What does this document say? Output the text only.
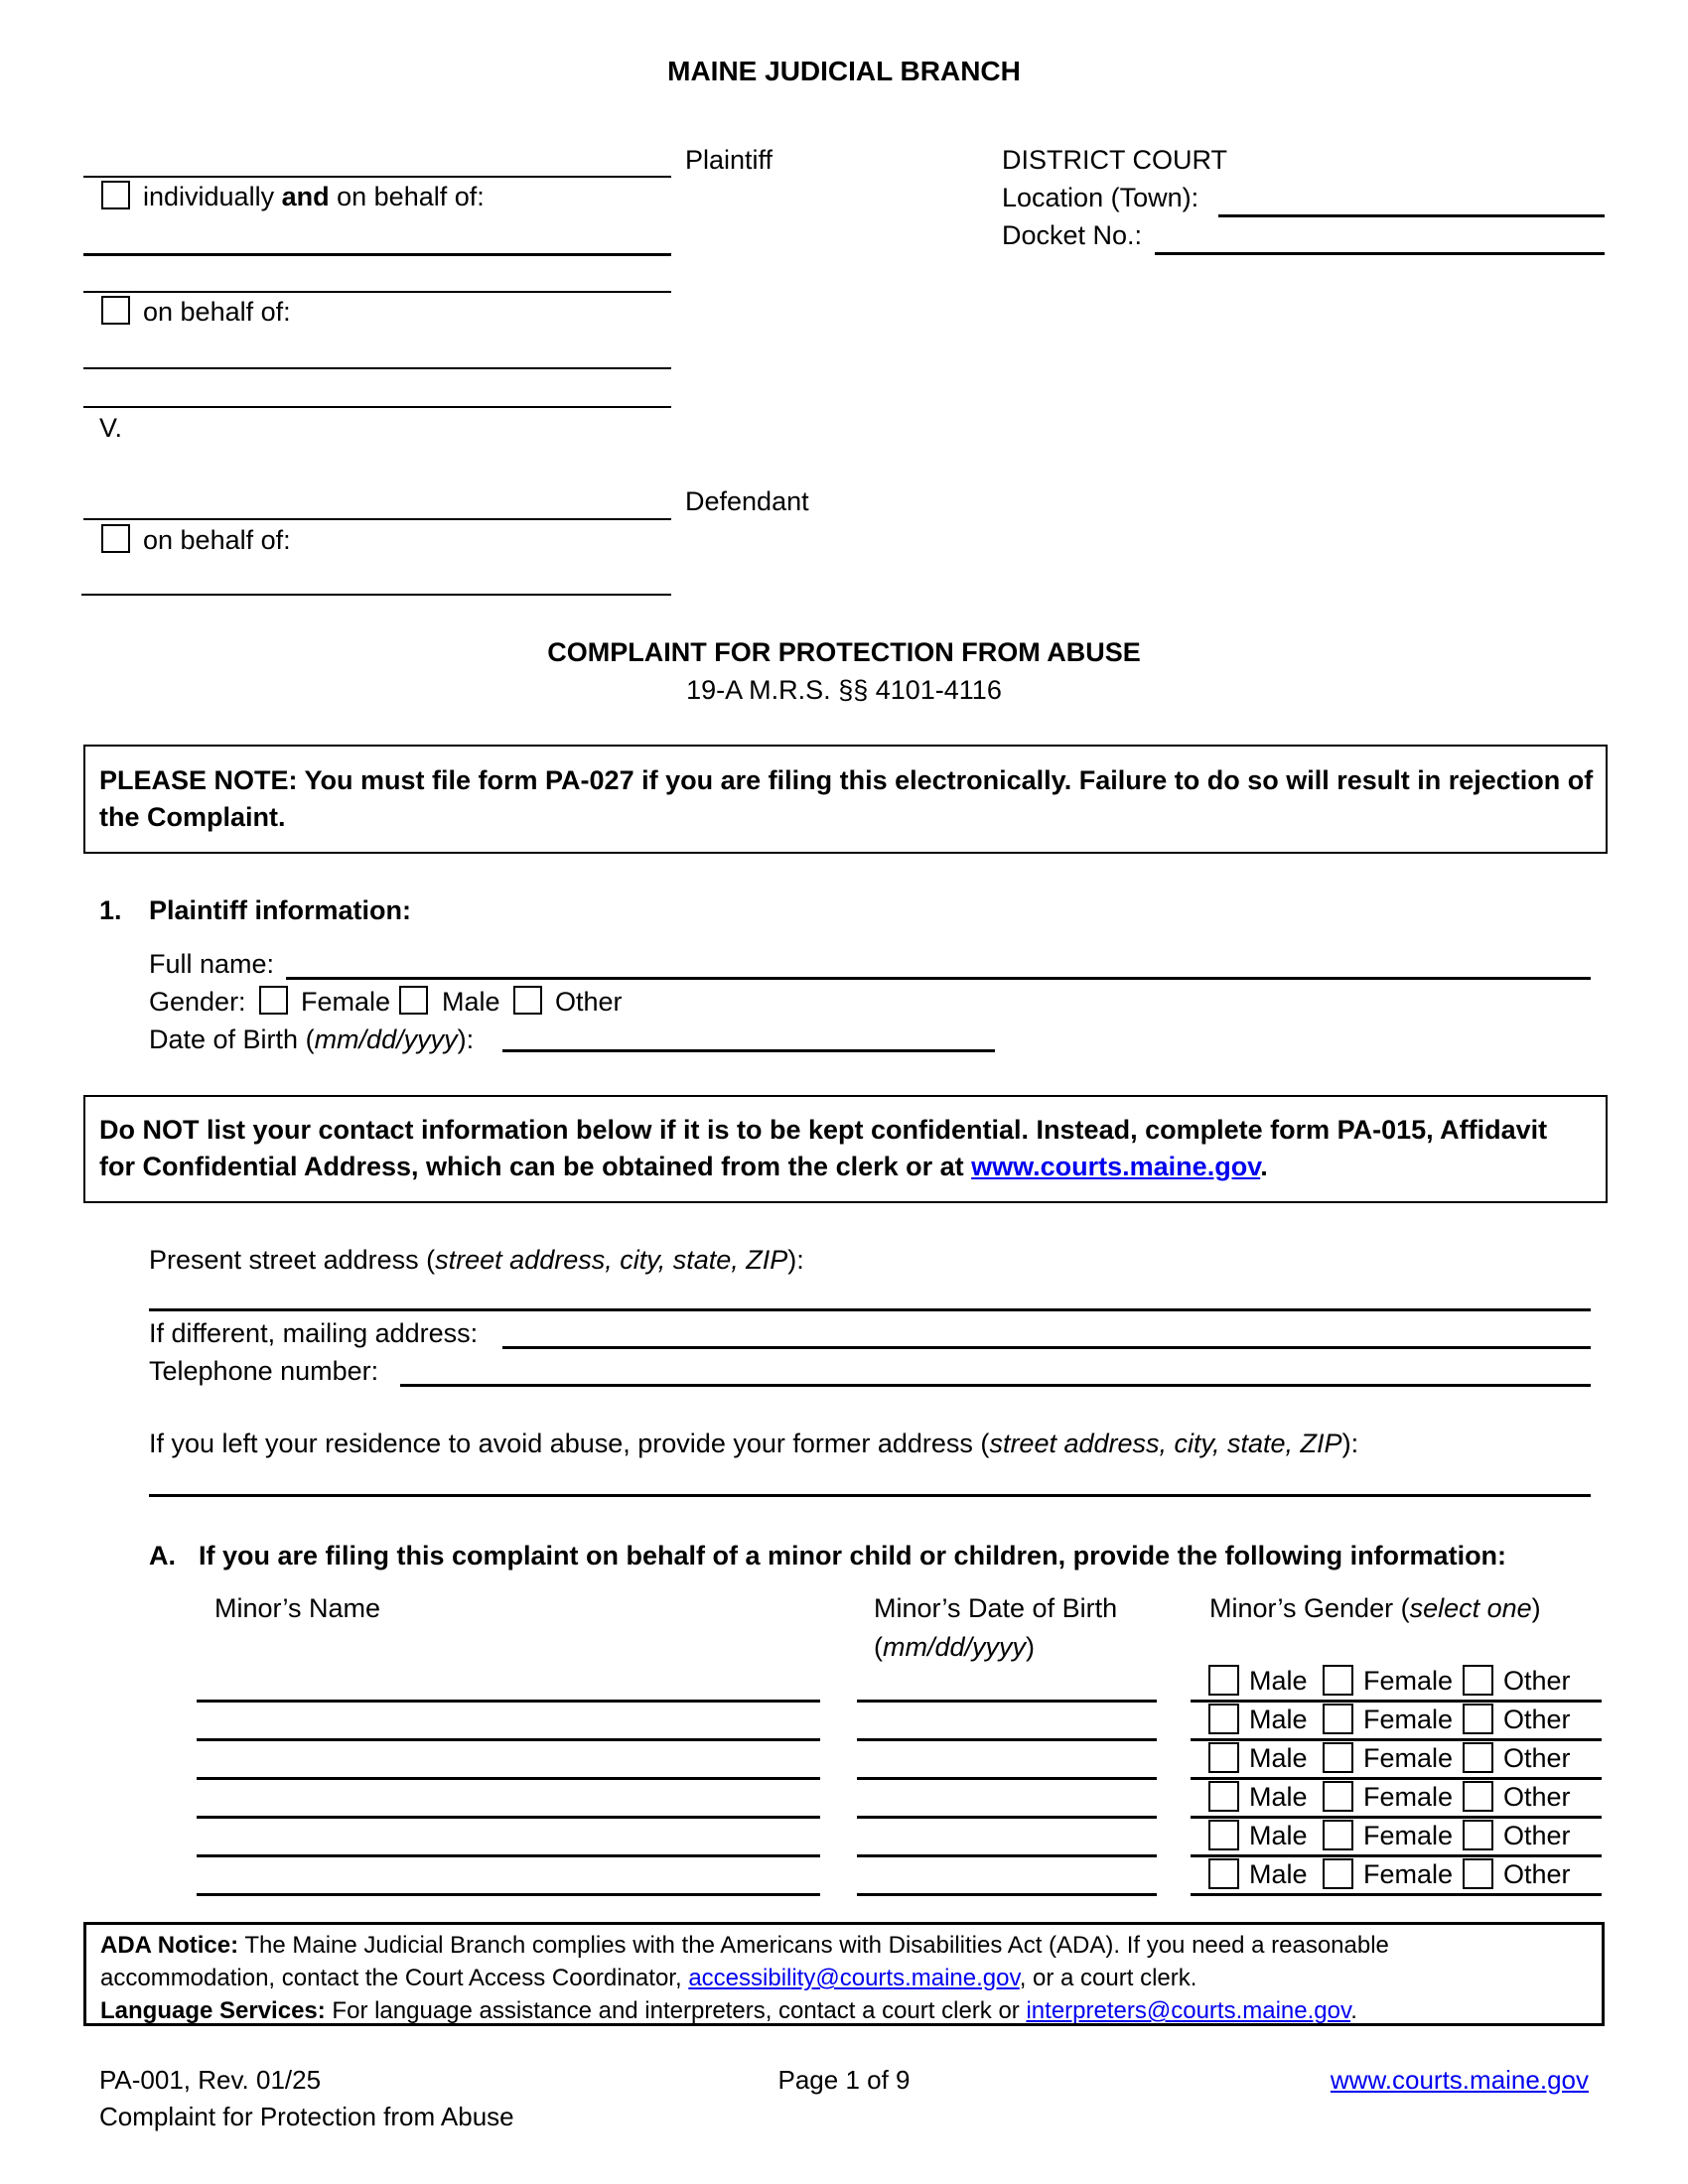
MAINE JUDICIAL BRANCH
individually and on behalf of:
on behalf of:
Plaintiff
V.
Defendant
on behalf of:
DISTRICT COURT
Location (Town):
Docket No.:
COMPLAINT FOR PROTECTION FROM ABUSE
19-A M.R.S. §§ 4101-4116
PLEASE NOTE: You must file form PA-027 if you are filing this electronically. Failure to do so will result in rejection of
the Complaint.
1. Plaintiff information:
Full name:
Gender: Female Male Other
Date of Birth (mm/dd/yyyy):
Do NOT list your contact information below if it is to be kept confidential. Instead, complete form PA-015, Affidavit
for Confidential Address, which can be obtained from the clerk or at www.courts.maine.gov.
Present street address (street address, city, state, ZIP):
If different, mailing address:
Telephone number:
If you left your residence to avoid abuse, provide your former address (street address, city, state, ZIP):
A. If you are filing this complaint on behalf of a minor child or children, provide the following information:
Minor’s Name	Minor’s Date of Birth
(mm/dd/yyyy)
Minor’s Gender (select one)
Male Female Other
Male Female Other
Male Female Other
Male Female Other
Male Female Other
Male Female Other
ADA Notice: The Maine Judicial Branch complies with the Americans with Disabilities Act (ADA). If you need a reasonable
accommodation, contact the Court Access Coordinator, accessibility@courts.maine.gov, or a court clerk.
Language Services: For language assistance and interpreters, contact a court clerk or interpreters@courts.maine.gov.
PA-001, Rev. 01/25
Complaint for Protection from Abuse
Page 1 of 9	www.courts.maine.gov
